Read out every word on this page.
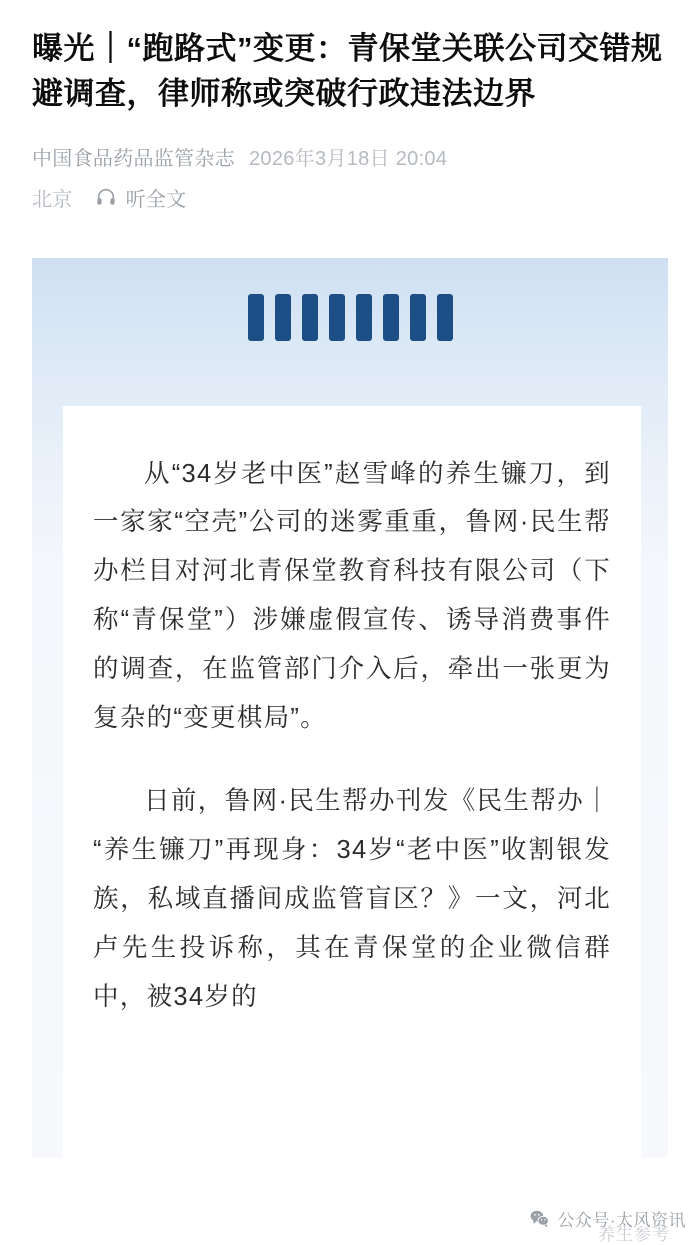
曝光｜“跑路式”变更：青保堂关联公司交错规避调查，律师称或突破行政违法边界
中国食品药品监管杂志 2026年3月18日 20:04
北京	听全文

从“34岁老中医”赵雪峰的养生镰刀，到一家家“空壳”公司的迷雾重重，鲁网·民生帮办栏目对河北青保堂教育科技有限公司（下称“青保堂”）涉嫌虚假宣传、诱导消费事件的调查，在监管部门介入后，牵出一张更为复杂的“变更棋局”。

日前，鲁网·民生帮办刊发《民生帮办｜“养生镰刀”再现身：34岁“老中医”收割银发族，私域直播间成监管盲区？》一文，河北卢先生投诉称，其在青保堂的企业微信群中，被34岁的

公众号·太风资讯
养生参考
